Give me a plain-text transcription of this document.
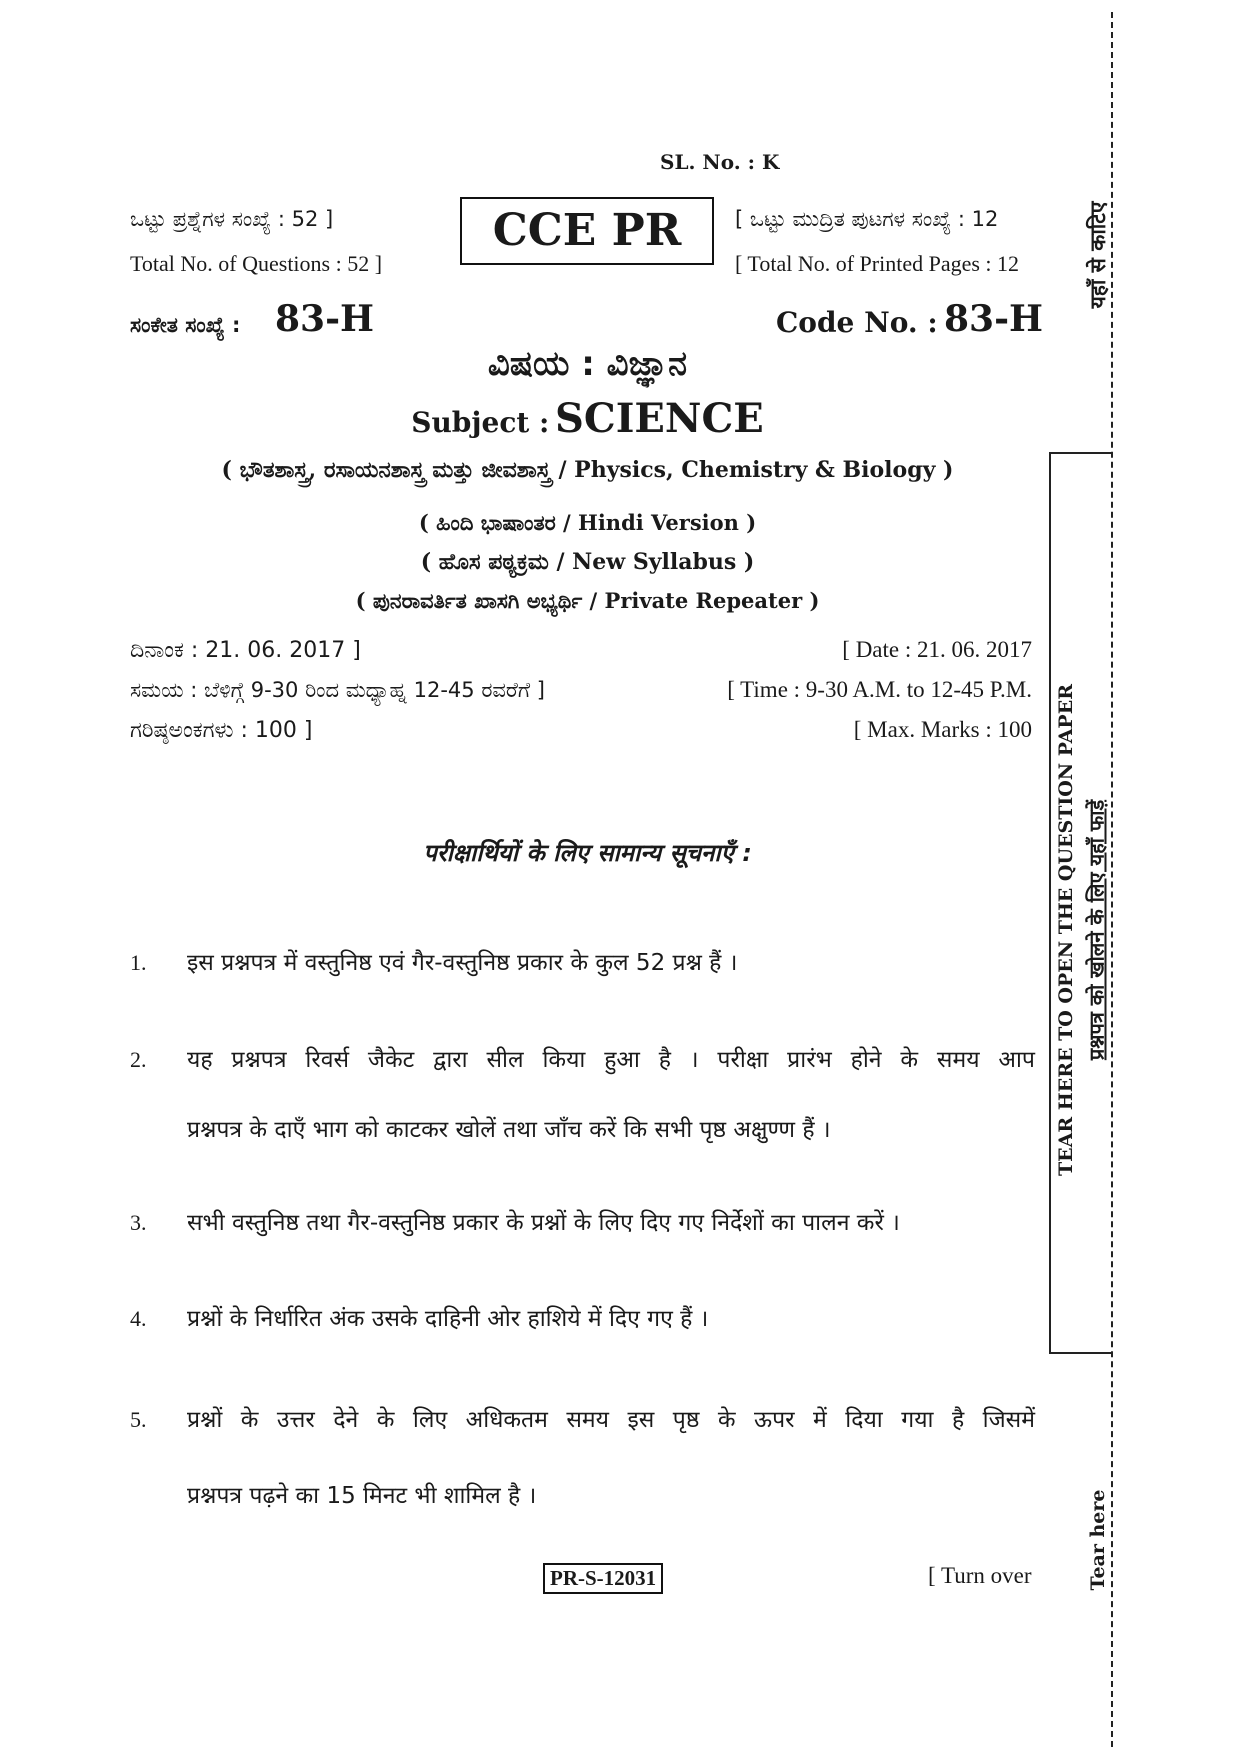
SL. No. : K
ಒಟ್ಟು ಪ್ರಶ್ನೆಗಳ ಸಂಖ್ಯೆ : 52 ]
Total No. of Questions : 52 ]
CCE PR	[ ಒಟ್ಟು ಮುದ್ರಿತ ಪುಟಗಳ ಸಂಖ್ಯೆ : 12
[ Total No. of Printed Pages : 12
ಸಂಕೇತ ಸಂಖ್ಯೆ : 83-H	Code No. : 83-H
ವಿಷಯ : ವಿಜ್ಞಾನ
Subject : SCIENCE
( ಭೌತಶಾಸ್ತ್ರ, ರಸಾಯನಶಾಸ್ತ್ರ ಮತ್ತು ಜೀವಶಾಸ್ತ್ರ / Physics, Chemistry & Biology )
( ಹಿಂದಿ ಭಾಷಾಂತರ / Hindi Version )
( ಹೊಸ ಪಠ್ಯಕ್ರಮ / New Syllabus )
( ಪುನರಾವರ್ತಿತ ಖಾಸಗಿ ಅಭ್ಯರ್ಥಿ / Private Repeater )
ದಿನಾಂಕ : 21. 06. 2017 ]
ಸಮಯ : ಬೆಳಿಗ್ಗೆ 9-30 ರಿಂದ ಮಧ್ಯಾಹ್ನ 12-45 ರವರೆಗೆ ]
ಗರಿಷ್ಠಅಂಕಗಳು : 100 ]
[ Date : 21. 06. 2017
[ Time : 9-30 A.M. to 12-45 P.M.
[ Max. Marks : 100
परीक्षार्थियों के लिए सामान्य सूचनाएँ :
1. इस प्रश्नपत्र में वस्तुनिष्ठ एवं गैर-वस्तुनिष्ठ प्रकार के कुल 52 प्रश्न हैं ।
2. यह प्रश्नपत्र रिवर्स जैकेट द्वारा सील किया हुआ है । परीक्षा प्रारंभ होने के समय आप
प्रश्नपत्र के दाएँ भाग को काटकर खोलें तथा जाँच करें कि सभी पृष्ठ अक्षुण्ण हैं ।
3. सभी वस्तुनिष्ठ तथा गैर-वस्तुनिष्ठ प्रकार के प्रश्नों के लिए दिए गए निर्देशों का पालन करें ।
4. प्रश्नों के निर्धारित अंक उसके दाहिनी ओर हाशिये में दिए गए हैं ।
5. प्रश्नों के उत्तर देने के लिए अधिकतम समय इस पृष्ठ के ऊपर में दिया गया है जिसमें
प्रश्नपत्र पढ़ने का 15 मिनट भी शामिल है ।
PR-S-12031	[ Turn over
TEAR HERE TO OPEN THE QUESTION PAPER प्रश्नपत्र को खोलने के लिए यहाँ फाड़ें
यहाँ से काटिए
Tear here
